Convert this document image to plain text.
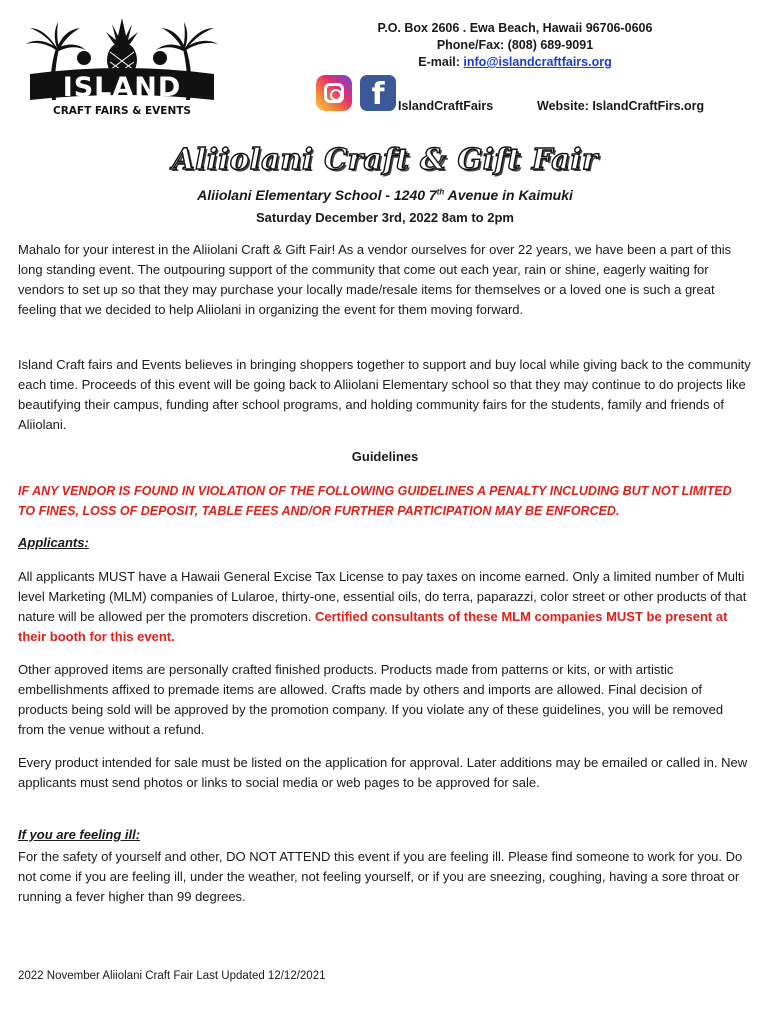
ISLAND
CRAFT FAIRS & EVENTS
P.O. Box 2606 . Ewa Beach, Hawaii 96706-0606
Phone/Fax: (808) 689-9091
E-mail: info@islandcraftfairs.org
f	IslandCraftFairs	Website: IslandCraftFirs.org
Aliiolani Craft & Gift Fair
Aliiolani Elementary School - 1240 7th Avenue in Kaimuki
Saturday December 3rd, 2022 8am to 2pm

Mahalo for your interest in the Aliiolani Craft & Gift Fair! As a vendor ourselves for over 22 years, we have been a part of this long standing event. The outpouring support of the community that come out each year, rain or shine, eagerly waiting for vendors to set up so that they may purchase your locally made/resale items for themselves or a loved one is such a great feeling that we decided to help Aliiolani in organizing the event for them moving forward.

Island Craft fairs and Events believes in bringing shoppers together to support and buy local while giving back to the community each time. Proceeds of this event will be going back to Aliiolani Elementary school so that they may continue to do projects like beautifying their campus, funding after school programs, and holding community fairs for the students, family and friends of Aliiolani.

Guidelines

IF ANY VENDOR IS FOUND IN VIOLATION OF THE FOLLOWING GUIDELINES A PENALTY INCLUDING BUT NOT LIMITED TO FINES, LOSS OF DEPOSIT, TABLE FEES AND/OR FURTHER PARTICIPATION MAY BE ENFORCED.

Applicants:

All applicants MUST have a Hawaii General Excise Tax License to pay taxes on income earned. Only a limited number of Multi level Marketing (MLM) companies of Lularoe, thirty-one, essential oils, do terra, paparazzi, color street or other products of that nature will be allowed per the promoters discretion. Certified consultants of these MLM companies MUST be present at their booth for this event.

Other approved items are personally crafted finished products. Products made from patterns or kits, or with artistic embellishments affixed to premade items are allowed. Crafts made by others and imports are allowed. Final decision of products being sold will be approved by the promotion company. If you violate any of these guidelines, you will be removed from the venue without a refund.

Every product intended for sale must be listed on the application for approval. Later additions may be emailed or called in. New applicants must send photos or links to social media or web pages to be approved for sale.

If you are feeling ill:

For the safety of yourself and other, DO NOT ATTEND this event if you are feeling ill. Please find someone to work for you. Do not come if you are feeling ill, under the weather, not feeling yourself, or if you are sneezing, coughing, having a sore throat or running a fever higher than 99 degrees.

2022 November Aliiolani Craft Fair Last Updated 12/12/2021
